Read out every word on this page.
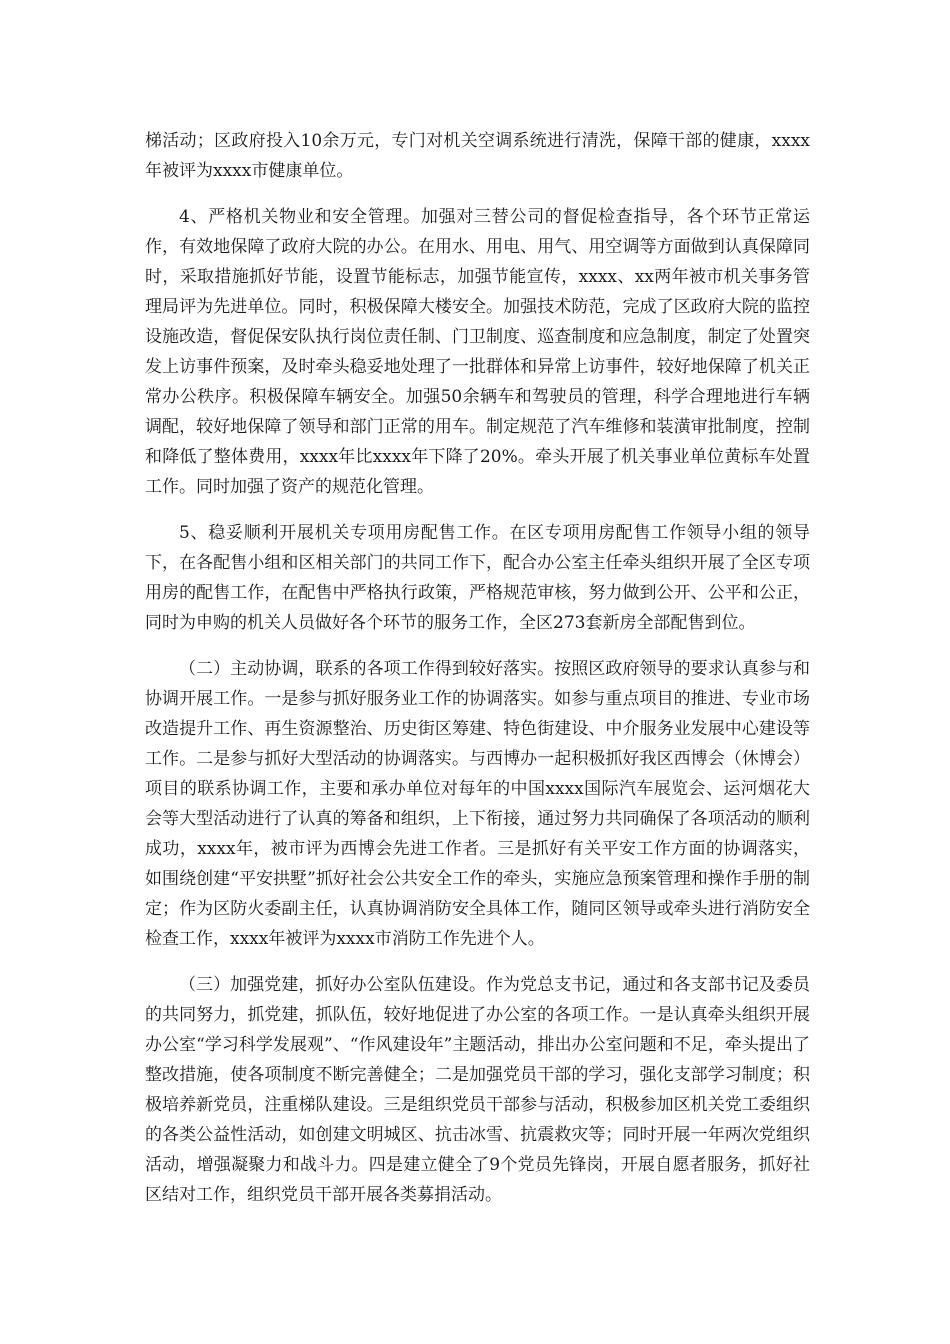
梯活动；区政府投入10余万元，专门对机关空调系统进行清洗，保障干部的健康，xxxx年被评为xxxx市健康单位。

4、严格机关物业和安全管理。加强对三替公司的督促检查指导，各个环节正常运作，有效地保障了政府大院的办公。在用水、用电、用气、用空调等方面做到认真保障同时，采取措施抓好节能，设置节能标志，加强节能宣传，xxxx、xx两年被市机关事务管理局评为先进单位。同时，积极保障大楼安全。加强技术防范，完成了区政府大院的监控设施改造，督促保安队执行岗位责任制、门卫制度、巡查制度和应急制度，制定了处置突发上访事件预案，及时牵头稳妥地处理了一批群体和异常上访事件，较好地保障了机关正常办公秩序。积极保障车辆安全。加强50余辆车和驾驶员的管理，科学合理地进行车辆调配，较好地保障了领导和部门正常的用车。制定规范了汽车维修和装潢审批制度，控制和降低了整体费用，xxxx年比xxxx年下降了20%。牵头开展了机关事业单位黄标车处置工作。同时加强了资产的规范化管理。

5、稳妥顺利开展机关专项用房配售工作。在区专项用房配售工作领导小组的领导下，在各配售小组和区相关部门的共同工作下，配合办公室主任牵头组织开展了全区专项用房的配售工作，在配售中严格执行政策，严格规范审核，努力做到公开、公平和公正，同时为申购的机关人员做好各个环节的服务工作，全区273套新房全部配售到位。

（二）主动协调，联系的各项工作得到较好落实。按照区政府领导的要求认真参与和协调开展工作。一是参与抓好服务业工作的协调落实。如参与重点项目的推进、专业市场改造提升工作、再生资源整治、历史街区筹建、特色街建设、中介服务业发展中心建设等工作。二是参与抓好大型活动的协调落实。与西博办一起积极抓好我区西博会（休博会）项目的联系协调工作，主要和承办单位对每年的中国xxxx国际汽车展览会、运河烟花大会等大型活动进行了认真的筹备和组织，上下衔接，通过努力共同确保了各项活动的顺利成功，xxxx年，被市评为西博会先进工作者。三是抓好有关平安工作方面的协调落实，如围绕创建“平安拱墅”抓好社会公共安全工作的牵头，实施应急预案管理和操作手册的制定；作为区防火委副主任，认真协调消防安全具体工作，随同区领导或牵头进行消防安全检查工作，xxxx年被评为xxxx市消防工作先进个人。

（三）加强党建，抓好办公室队伍建设。作为党总支书记，通过和各支部书记及委员的共同努力，抓党建，抓队伍，较好地促进了办公室的各项工作。一是认真牵头组织开展办公室“学习科学发展观”、“作风建设年”主题活动，排出办公室问题和不足，牵头提出了整改措施，使各项制度不断完善健全；二是加强党员干部的学习，强化支部学习制度；积极培养新党员，注重梯队建设。三是组织党员干部参与活动，积极参加区机关党工委组织的各类公益性活动，如创建文明城区、抗击冰雪、抗震救灾等；同时开展一年两次党组织活动，增强凝聚力和战斗力。四是建立健全了9个党员先锋岗，开展自愿者服务，抓好社区结对工作，组织党员干部开展各类募捐活动。
